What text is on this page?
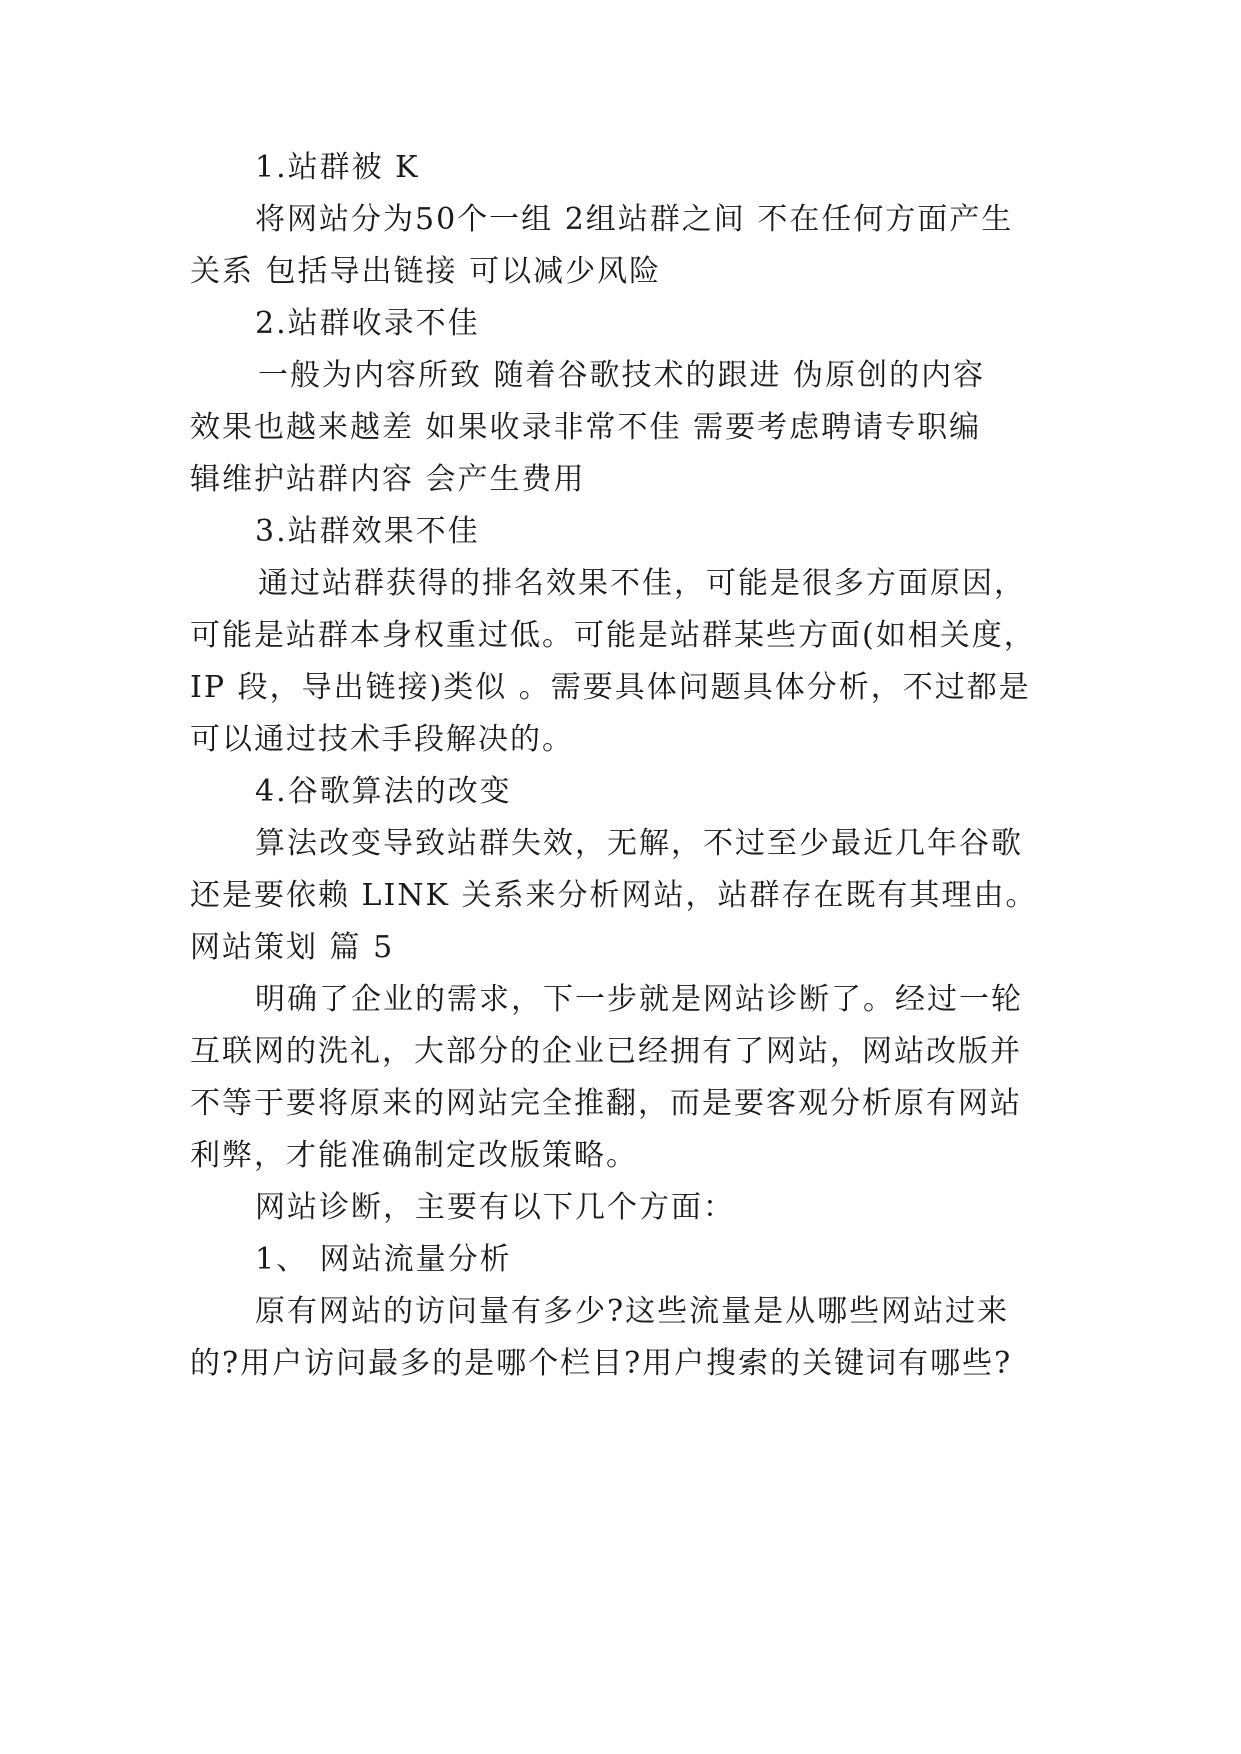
1.站群被 K
将网站分为50个一组 2组站群之间 不在任何方面产生
关系 包括导出链接 可以减少风险
2.站群收录不佳
一般为内容所致 随着谷歌技术的跟进 伪原创的内容
效果也越来越差 如果收录非常不佳 需要考虑聘请专职编
辑维护站群内容 会产生费用
3.站群效果不佳
通过站群获得的排名效果不佳，可能是很多方面原因，
可能是站群本身权重过低。可能是站群某些方面(如相关度，
IP 段，导出链接)类似 。需要具体问题具体分析，不过都是
可以通过技术手段解决的。
4.谷歌算法的改变
算法改变导致站群失效，无解，不过至少最近几年谷歌
还是要依赖 LINK 关系来分析网站，站群存在既有其理由。
网站策划 篇 5
明确了企业的需求，下一步就是网站诊断了。经过一轮
互联网的洗礼，大部分的企业已经拥有了网站，网站改版并
不等于要将原来的网站完全推翻，而是要客观分析原有网站
利弊，才能准确制定改版策略。
网站诊断，主要有以下几个方面：
1、 网站流量分析
原有网站的访问量有多少?这些流量是从哪些网站过来
的?用户访问最多的是哪个栏目?用户搜索的关键词有哪些?
